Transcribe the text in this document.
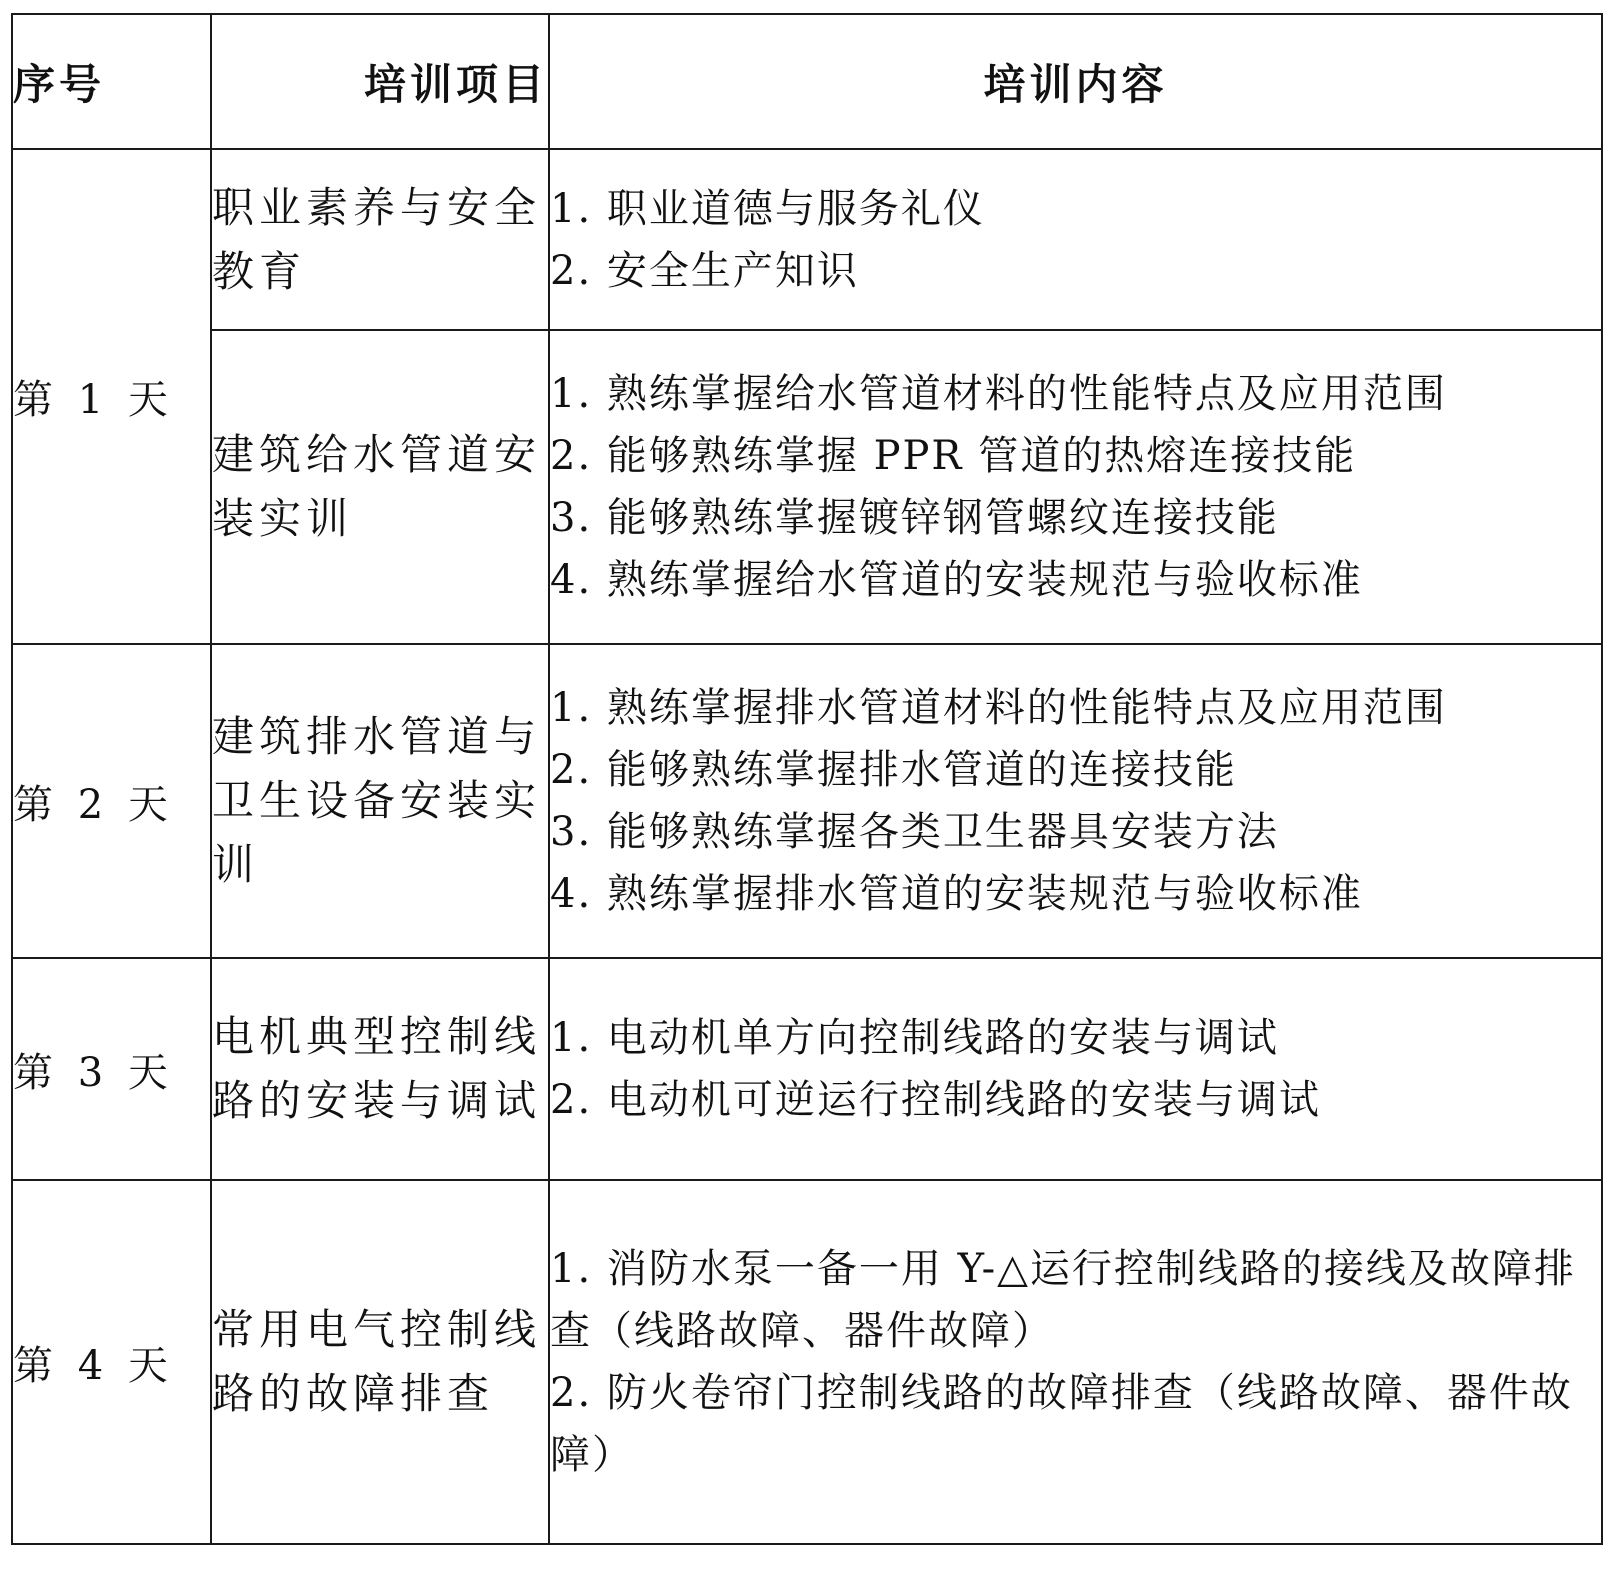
序号	培训项目	培训内容
第 1 天	职业素养与安全教育	1. 职业道德与服务礼仪
2. 安全生产知识

	建筑给水管道安装实训	1. 熟练掌握给水管道材料的性能特点及应用范围
2. 能够熟练掌握 PPR 管道的热熔连接技能
3. 能够熟练掌握镀锌钢管螺纹连接技能
4. 熟练掌握给水管道的安装规范与验收标准

第 2 天	建筑排水管道与卫生设备安装实训	1. 熟练掌握排水管道材料的性能特点及应用范围
2. 能够熟练掌握排水管道的连接技能
3. 能够熟练掌握各类卫生器具安装方法
4. 熟练掌握排水管道的安装规范与验收标准

第 3 天	电机典型控制线路的安装与调试	1. 电动机单方向控制线路的安装与调试
2. 电动机可逆运行控制线路的安装与调试

第 4 天	常用电气控制线路的故障排查	1. 消防水泵一备一用 Y-△运行控制线路的接线及故障排查（线路故障、器件故障）
2. 防火卷帘门控制线路的故障排查（线路故障、器件故障）
